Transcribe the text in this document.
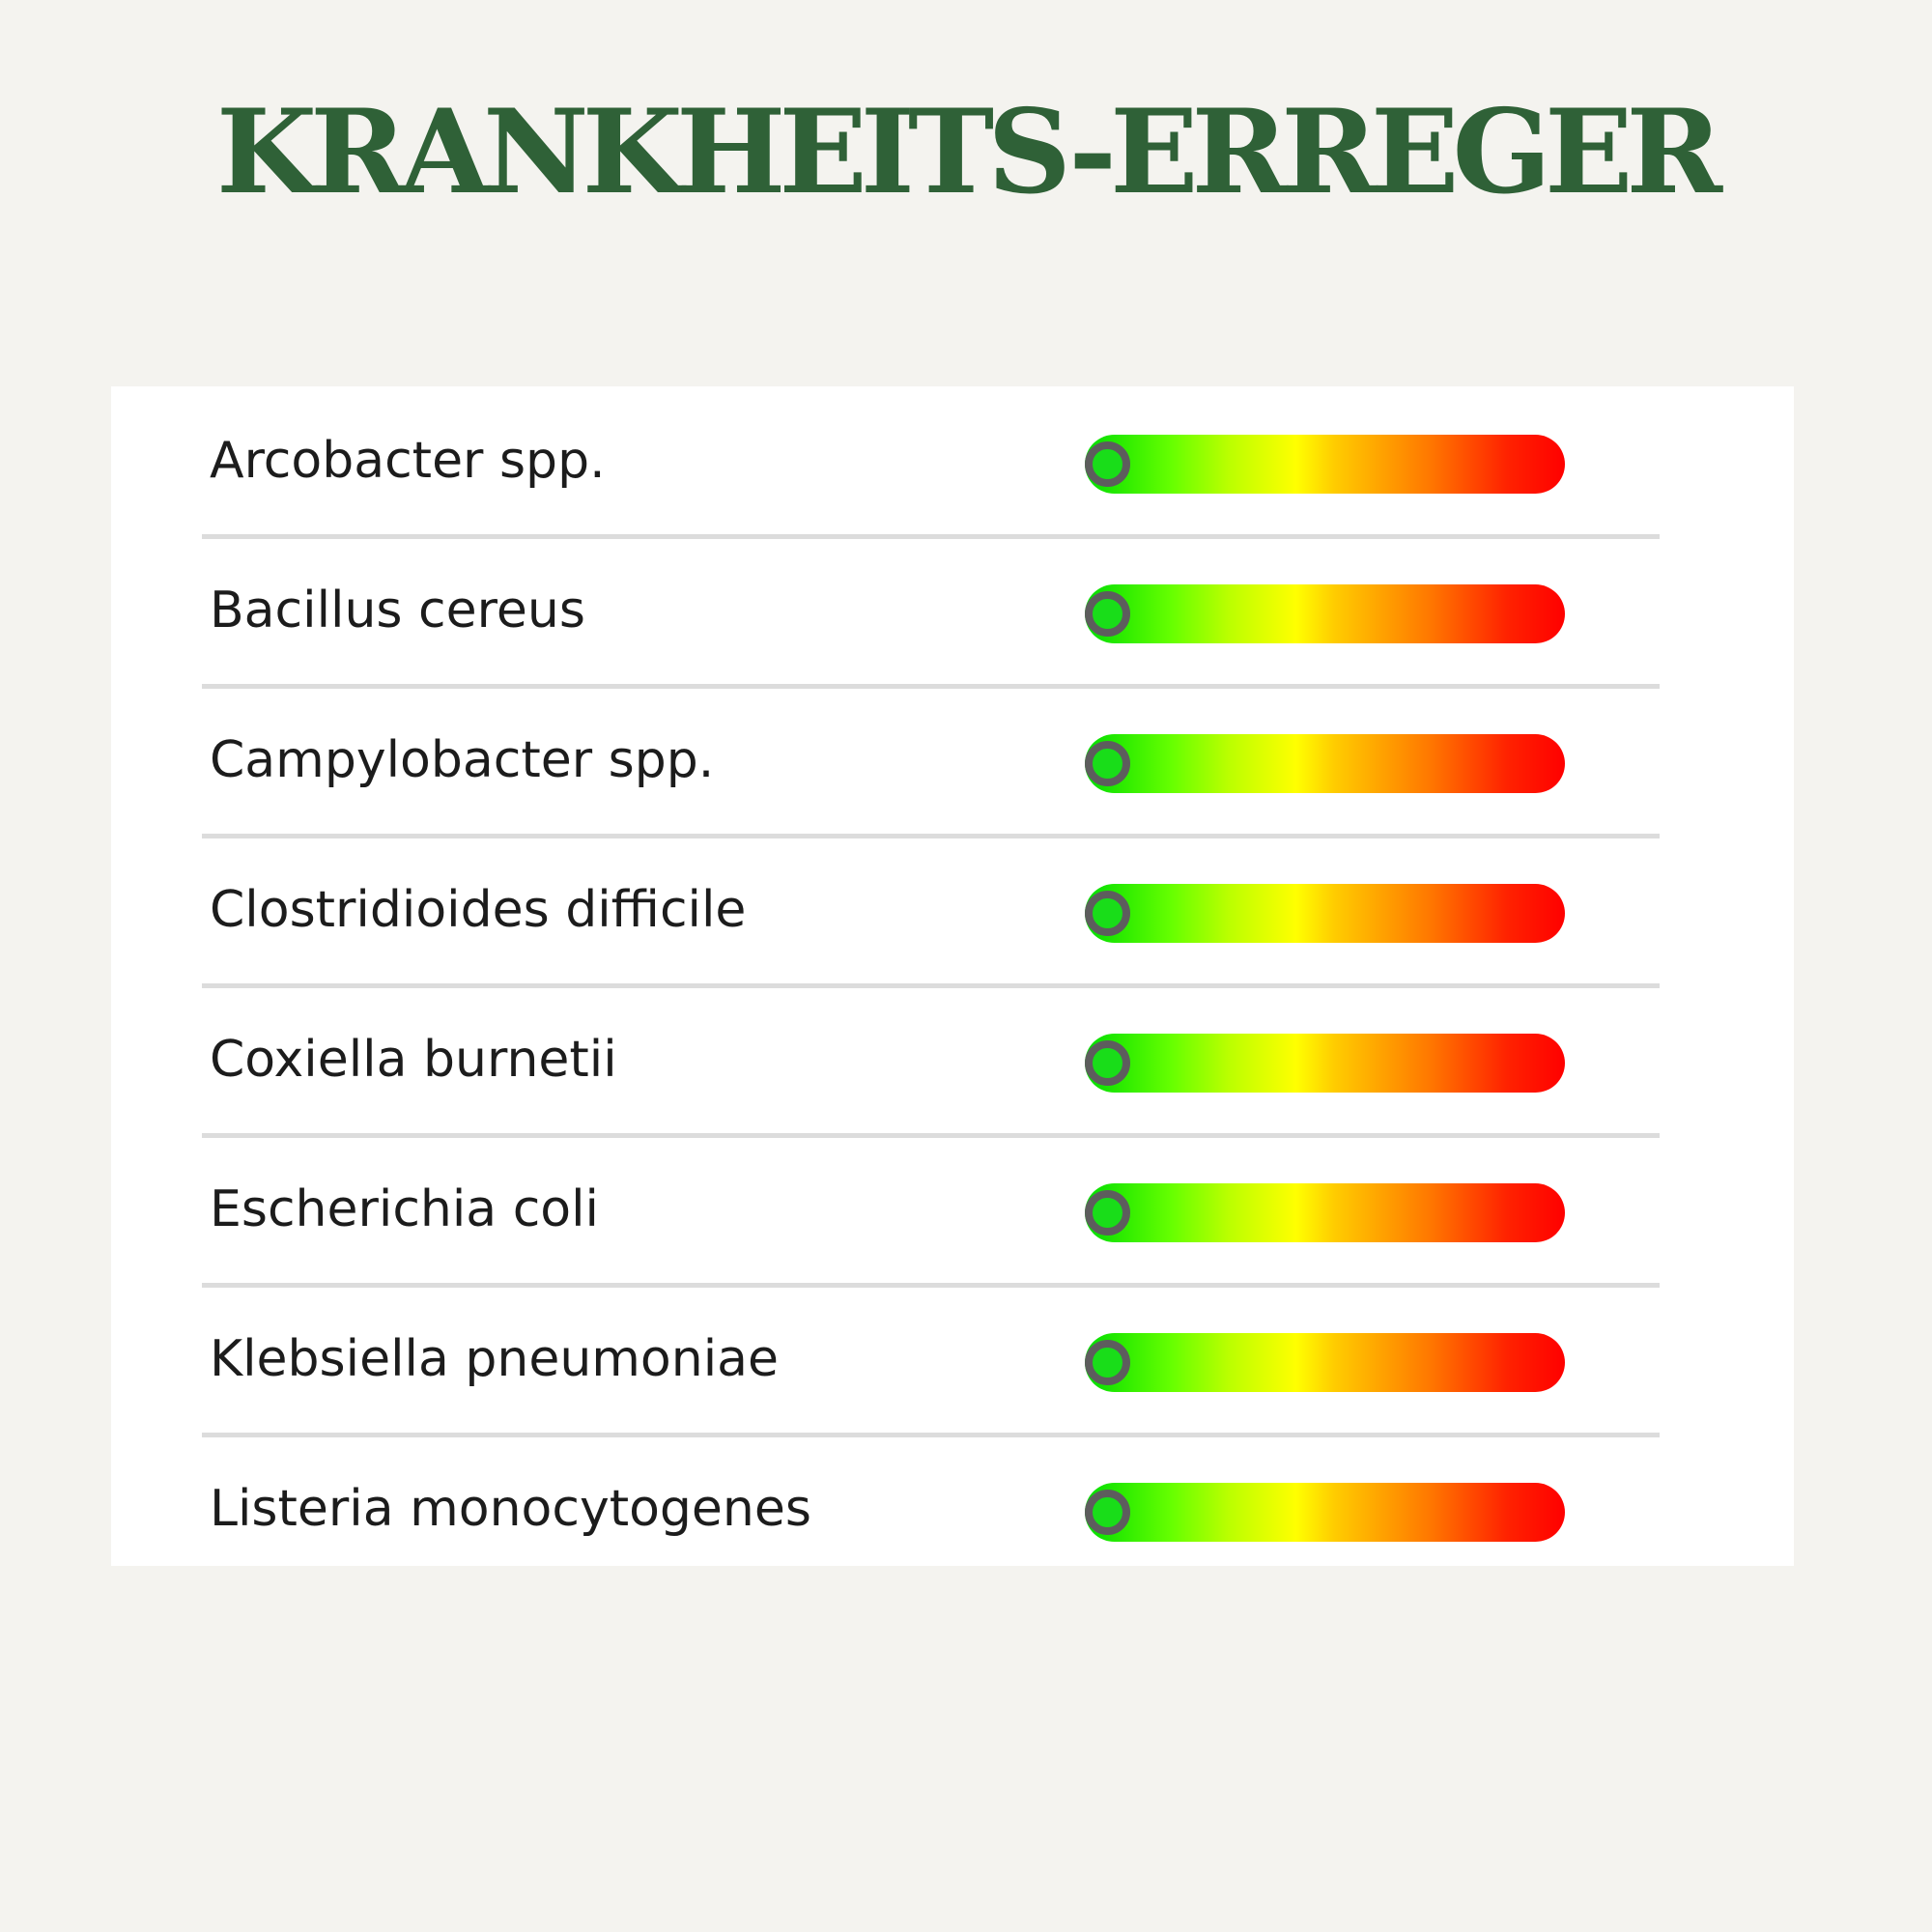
KRANKHEITS-ERREGER
Arcobacter spp.
Bacillus cereus
Campylobacter spp.
Clostridioides difficile
Coxiella burnetii
Escherichia coli
Klebsiella pneumoniae
Listeria monocytogenes
